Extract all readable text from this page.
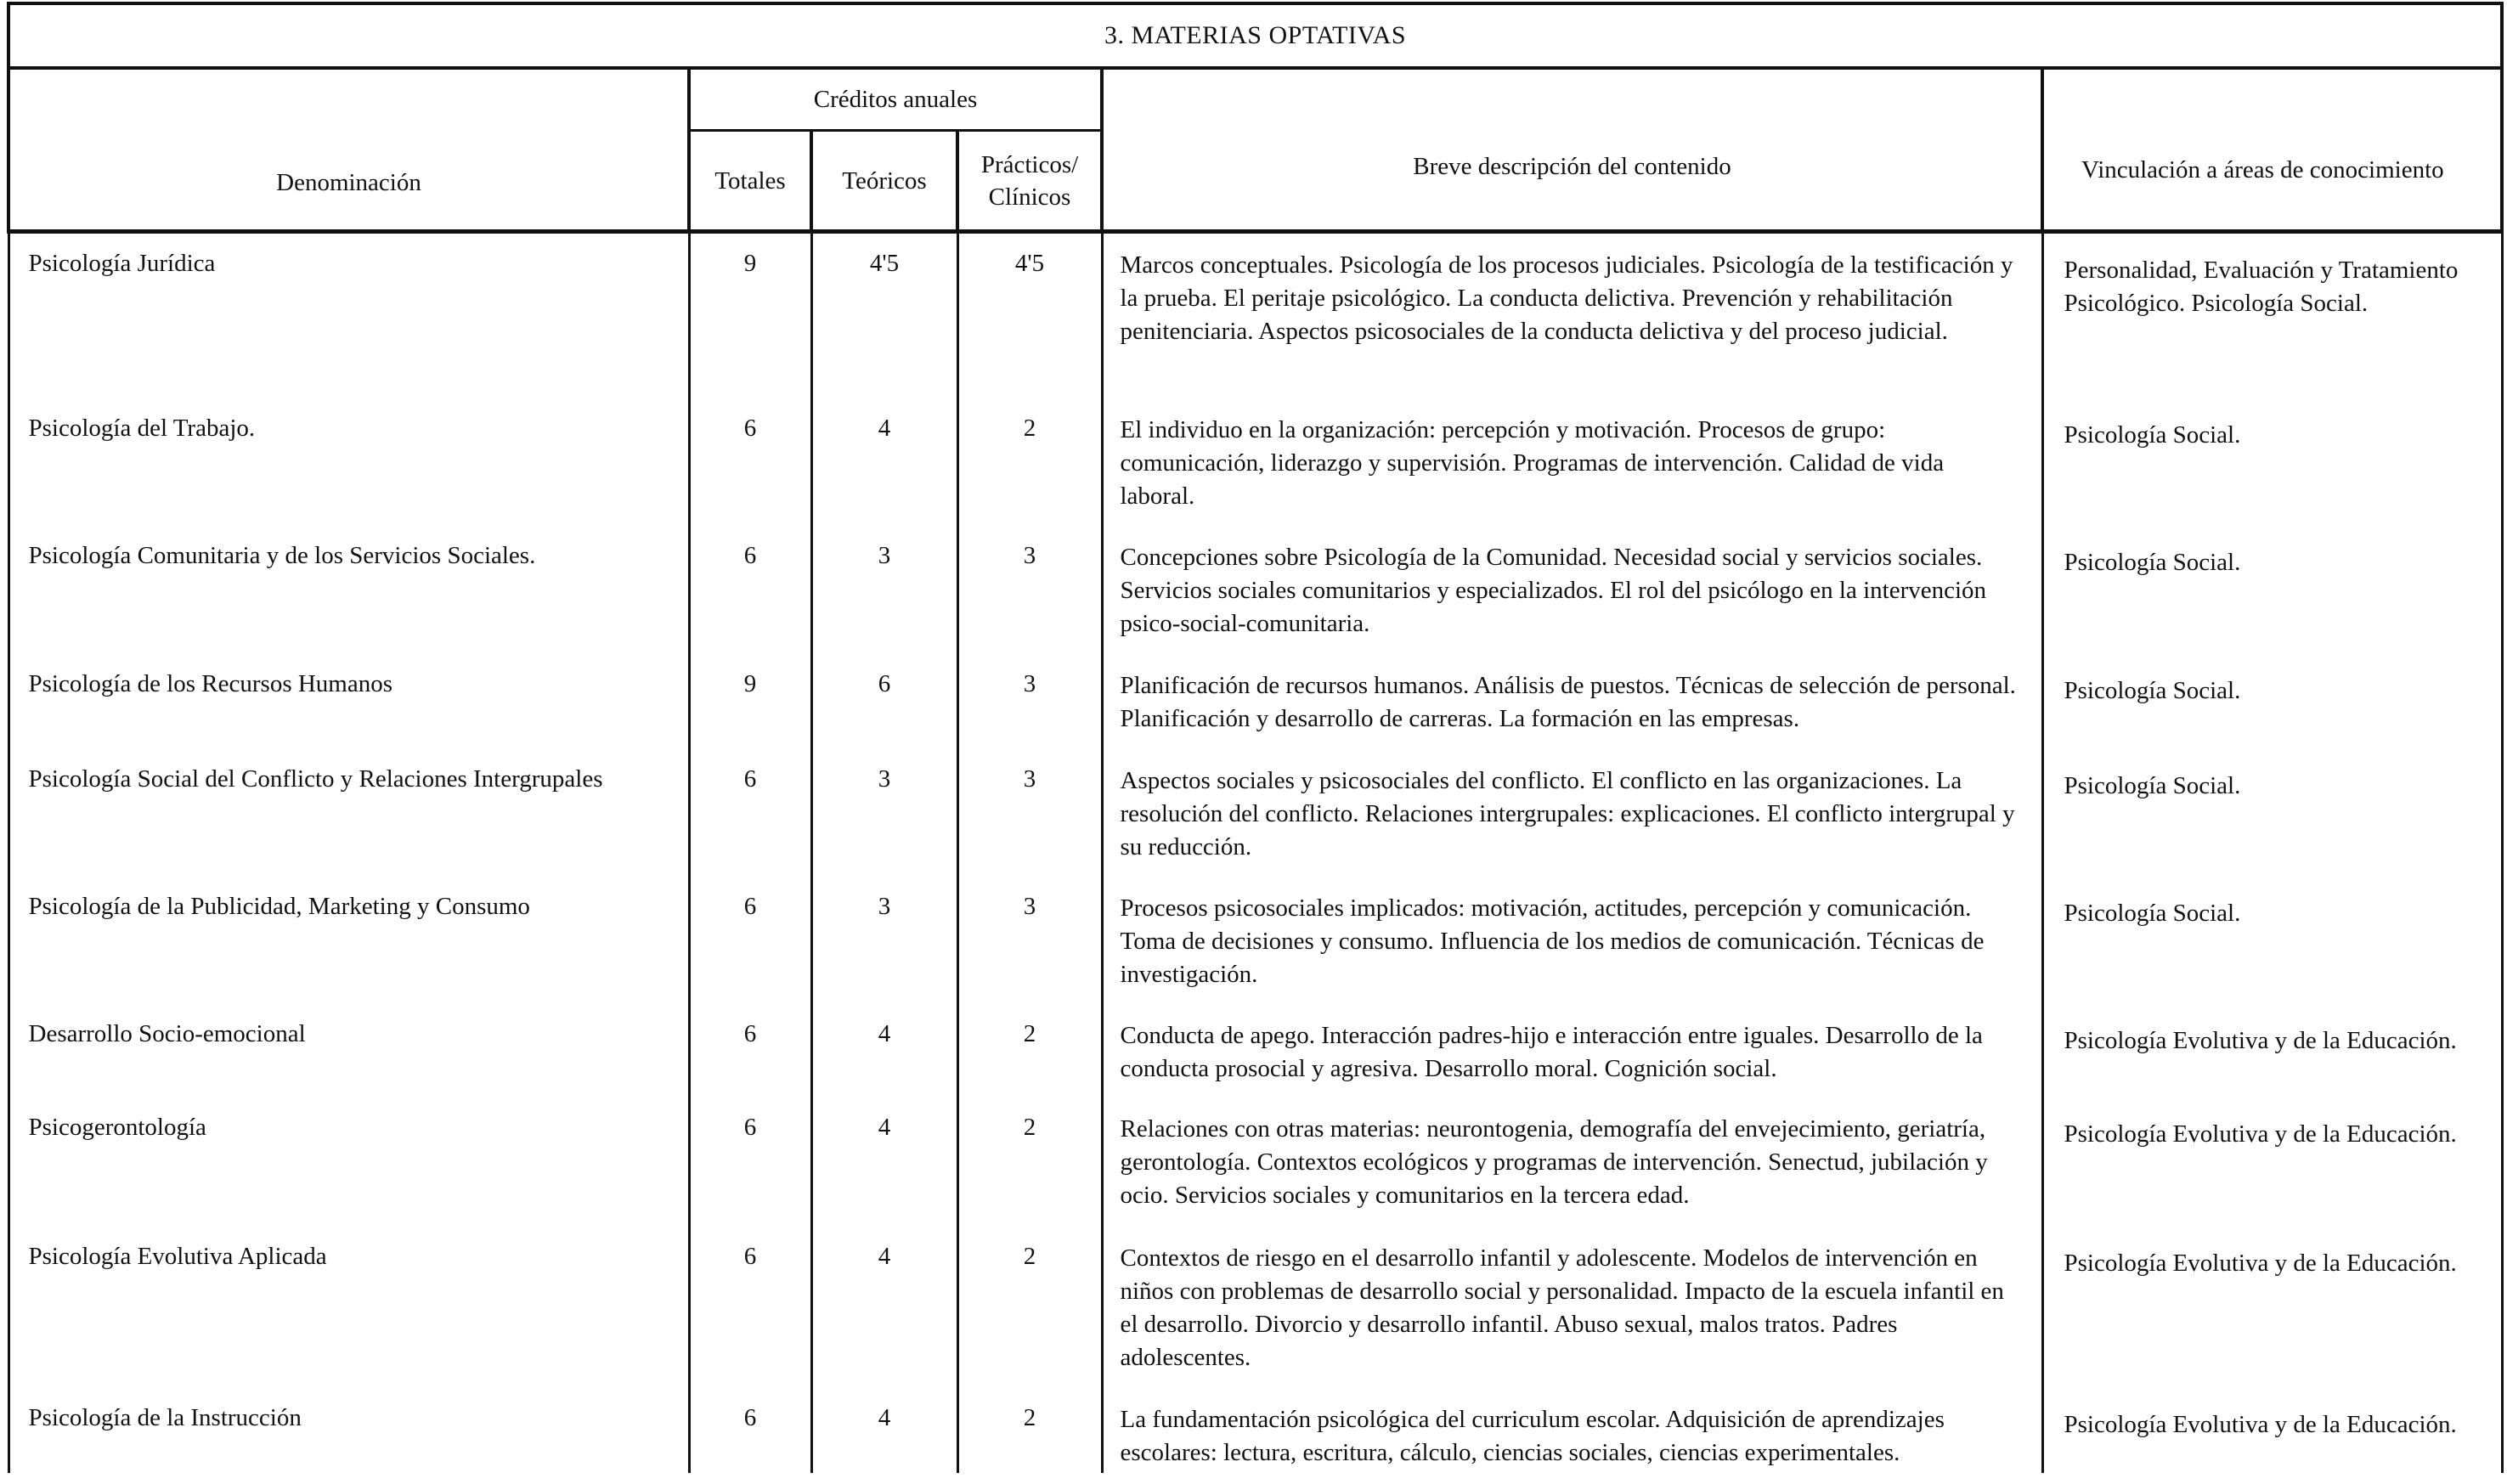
3. MATERIAS OPTATIVAS					
Denominación	Créditos anuales			Breve descripción del contenido	Vinculación a áreas de conocimiento
	Totales	Teóricos	Prácticos/
Clínicos		
Psicología Jurídica	9	4'5	4'5	Marcos conceptuales. Psicología de los procesos judiciales. Psicología de la testificación y la prueba. El peritaje psicológico. La conducta delictiva. Prevención y rehabilitación penitenciaria. Aspectos psicosociales de la conducta delictiva y del proceso judicial.	Personalidad, Evaluación y Tratamiento Psicológico. Psicología Social.
Psicología del Trabajo.	6	4	2	El individuo en la organización: percepción y motivación. Procesos de grupo: comunicación, liderazgo y supervisión. Programas de intervención. Calidad de vida laboral.	Psicología Social.
Psicología Comunitaria y de los Servicios Sociales.	6	3	3	Concepciones sobre Psicología de la Comunidad. Necesidad social y servicios sociales. Servicios sociales comunitarios y especializados. El rol del psicólogo en la intervención psico-social-comunitaria.	Psicología Social.
Psicología de los Recursos Humanos	9	6	3	Planificación de recursos humanos. Análisis de puestos. Técnicas de selección de personal. Planificación y desarrollo de carreras. La formación en las empresas.	Psicología Social.
Psicología Social del Conflicto y Relaciones Intergrupales	6	3	3	Aspectos sociales y psicosociales del conflicto. El conflicto en las organizaciones. La resolución del conflicto. Relaciones intergrupales: explicaciones. El conflicto intergrupal y su reducción.	Psicología Social.
Psicología de la Publicidad, Marketing y Consumo	6	3	3	Procesos psicosociales implicados: motivación, actitudes, percepción y comunicación. Toma de decisiones y consumo. Influencia de los medios de comunicación. Técnicas de investigación.	Psicología Social.
Desarrollo Socio-emocional	6	4	2	Conducta de apego. Interacción padres-hijo e interacción entre iguales. Desarrollo de la conducta prosocial y agresiva. Desarrollo moral. Cognición social.	Psicología Evolutiva y de la Educación.
Psicogerontología	6	4	2	Relaciones con otras materias: neurontogenia, demografía del envejecimiento, geriatría, gerontología. Contextos ecológicos y programas de intervención. Senectud, jubilación y ocio. Servicios sociales y comunitarios en la tercera edad.	Psicología Evolutiva y de la Educación.
Psicología Evolutiva Aplicada	6	4	2	Contextos de riesgo en el desarrollo infantil y adolescente. Modelos de intervención en niños con problemas de desarrollo social y personalidad. Impacto de la escuela infantil en el desarrollo. Divorcio y desarrollo infantil. Abuso sexual, malos tratos. Padres adolescentes.	Psicología Evolutiva y de la Educación.
Psicología de la Instrucción	6	4	2	La fundamentación psicológica del curriculum escolar. Adquisición de aprendizajes escolares: lectura, escritura, cálculo, ciencias sociales, ciencias experimentales.	Psicología Evolutiva y de la Educación.
